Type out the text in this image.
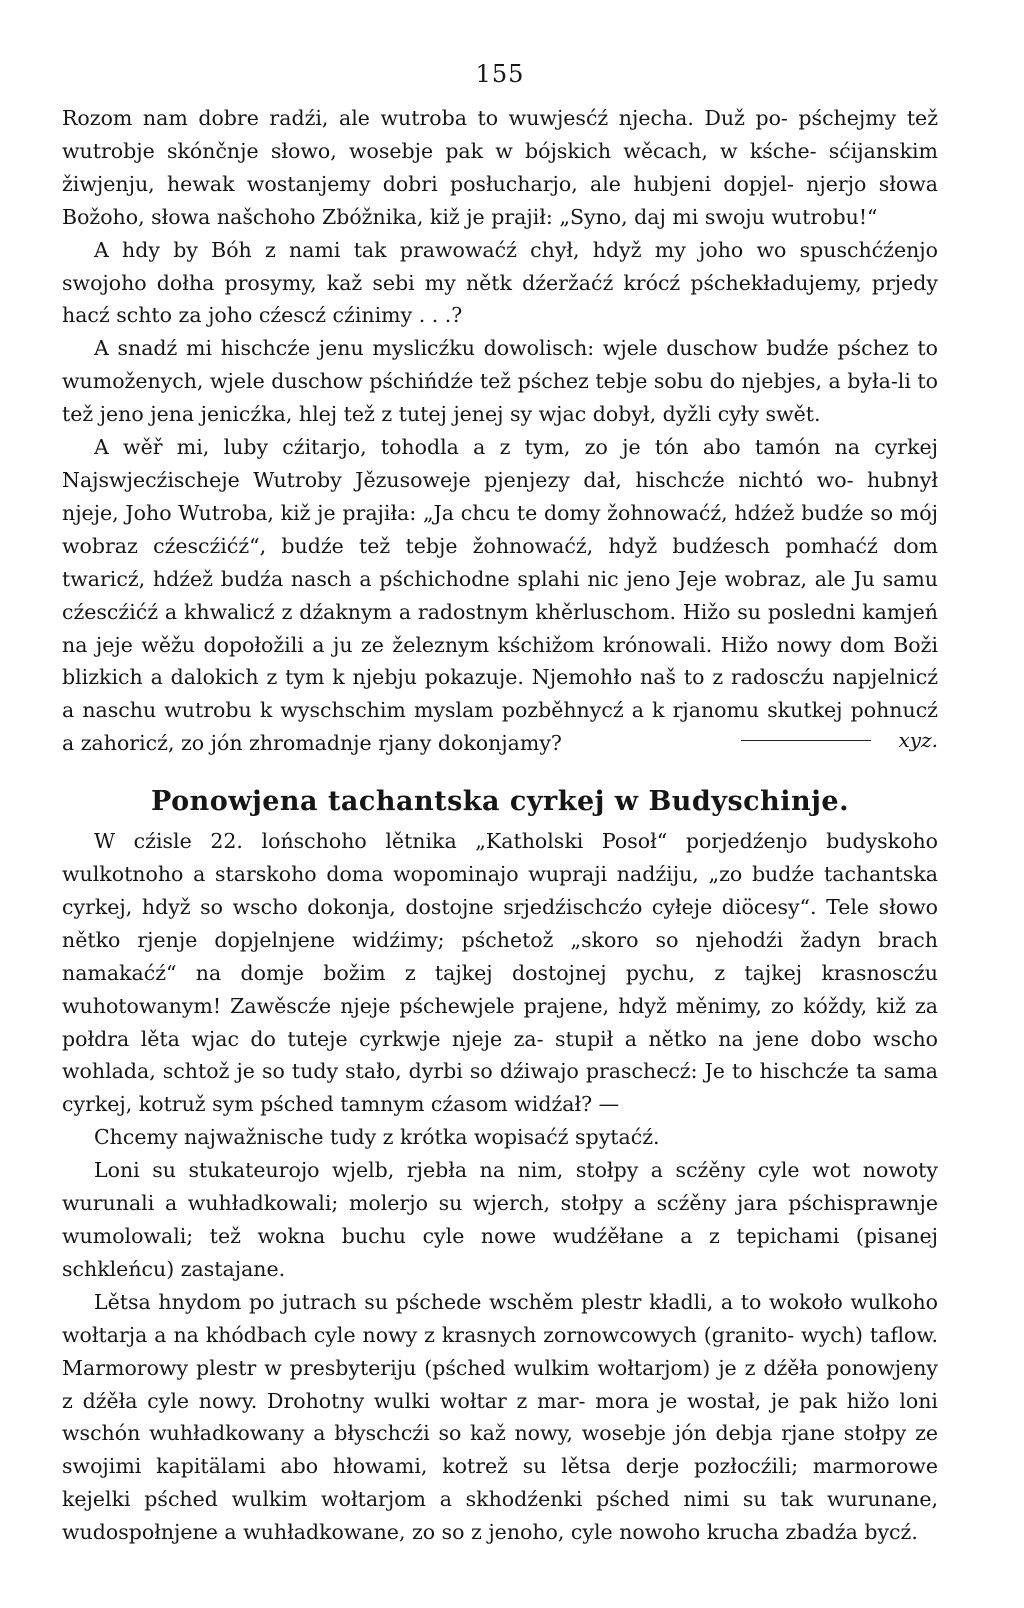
155

Rozom nam dobre radźi, ale wutroba to wuwjesćź njecha. Duž po- pśchejmy tež wutrobje skónčnje słowo, wosebje pak w bójskich wěcach, w kśche- sćijanskim žiwjenju, hewak wostanjemy dobri posłucharjo, ale hubjeni dopjel- njerjo słowa Božoho, słowa našchoho Zbóžnika, kiž je prajił: „Syno, daj mi swoju wutrobu!“

A hdy by Bóh z nami tak prawowaćź chył, hdyž my joho wo spuschćźenjo swojoho dołha prosymy, kaž sebi my nětk dźeržaćź krócź pśchekładujemy, prjedy hacź schto za joho cźescź cźinimy . . .?

A snadź mi hischcźe jenu myslicźku dowolisch: wjele duschow budźe pśchez to wumoženych, wjele duschow pśchińdźe tež pśchez tebje sobu do njebjes, a była-li to tež jeno jena jenicźka, hlej tež z tutej jenej sy wjac dobył, dyžli cyły swět.

A wěř mi, luby cźitarjo, tohodla a z tym, zo je tón abo tamón na cyrkej Najswjecźischeje Wutroby Jězusoweje pjenjezy dał, hischcźe nichtó wo- hubnył njeje, Joho Wutroba, kiž je prajiła: „Ja chcu te domy žohnowaćź, hdźež budźe so mój wobraz cźescźićź“, budźe tež tebje žohnowaćź, hdyž budźesch pomhaćź dom twaricź, hdźež budźa nasch a pśchichodne splahi nic jeno Jeje wobraz, ale Ju samu cźescźićź a khwalicź z dźaknym a radostnym khěrluschom. Hižo su posledni kamjeń na jeje wěžu dopołožili a ju ze železnym kśchižom krónowali. Hižo nowy dom Boži blizkich a dalokich z tym k njebju pokazuje. Njemohło naš to z radoscźu napjelnicź a naschu wutrobu k wyschschim myslam pozběhnycź a k rjanomu skutkej pohnucź a zahoricź, zo jón zhromadnje rjany dokonjamy?	xyz.
Ponowjena tachantska cyrkej w Budyschinje.

W cźisle 22. lońschoho lětnika „Katholski Posoł“ porjedźenjo budyskoho wulkotnoho a starskoho doma wopominajo wupraji nadźiju, „zo budźe tachantska cyrkej, hdyž so wscho dokonja, dostojne srjedźischcźo cyłeje diöcesy“. Tele słowo nětko rjenje dopjelnjene widźimy; pśchetož „skoro so njehodźi žadyn brach namakaćź“ na domje božim z tajkej dostojnej pychu, z tajkej krasnoscźu wuhotowanym! Zawěscźe njeje pśchewjele prajene, hdyž měnimy, zo kóždy, kiž za połdra lěta wjac do tuteje cyrkwje njeje za- stupił a nětko na jene dobo wscho wohlada, schtož je so tudy stało, dyrbi so dźiwajo praschecź: Je to hischcźe ta sama cyrkej, kotruž sym pśched tamnym cźasom widźał? —

Chcemy najwažnische tudy z krótka wopisaćź spytaćź.

Loni su stukateurojo wjelb, rjebła na nim, stołpy a scźěny cyle wot nowoty wurunali a wuhładkowali; molerjo su wjerch, stołpy a scźěny jara pśchisprawnje wumolowali; tež wokna buchu cyle nowe wudźěłane a z tepichami (pisanej schkleńcu) zastajane.

Lětsa hnydom po jutrach su pśchede wschěm plestr kładli, a to wokoło wulkoho wołtarja a na khódbach cyle nowy z krasnych zornowcowych (granito- wych) taflow. Marmorowy plestr w presbyteriju (pśched wulkim wołtarjom) je z dźěła ponowjeny z dźěła cyle nowy. Drohotny wulki wołtar z mar- mora je wostał, je pak hižo loni wschón wuhładkowany a błyschcźi so kaž nowy, wosebje jón debja rjane stołpy ze swojimi kapitälami abo hłowami, kotrež su lětsa derje pozłocźili; marmorowe kejelki pśched wulkim wołtarjom a skhodźenki pśched nimi su tak wurunane, wudospołnjene a wuhładkowane, zo so z jenoho, cyle nowoho krucha zbadźa bycź.
